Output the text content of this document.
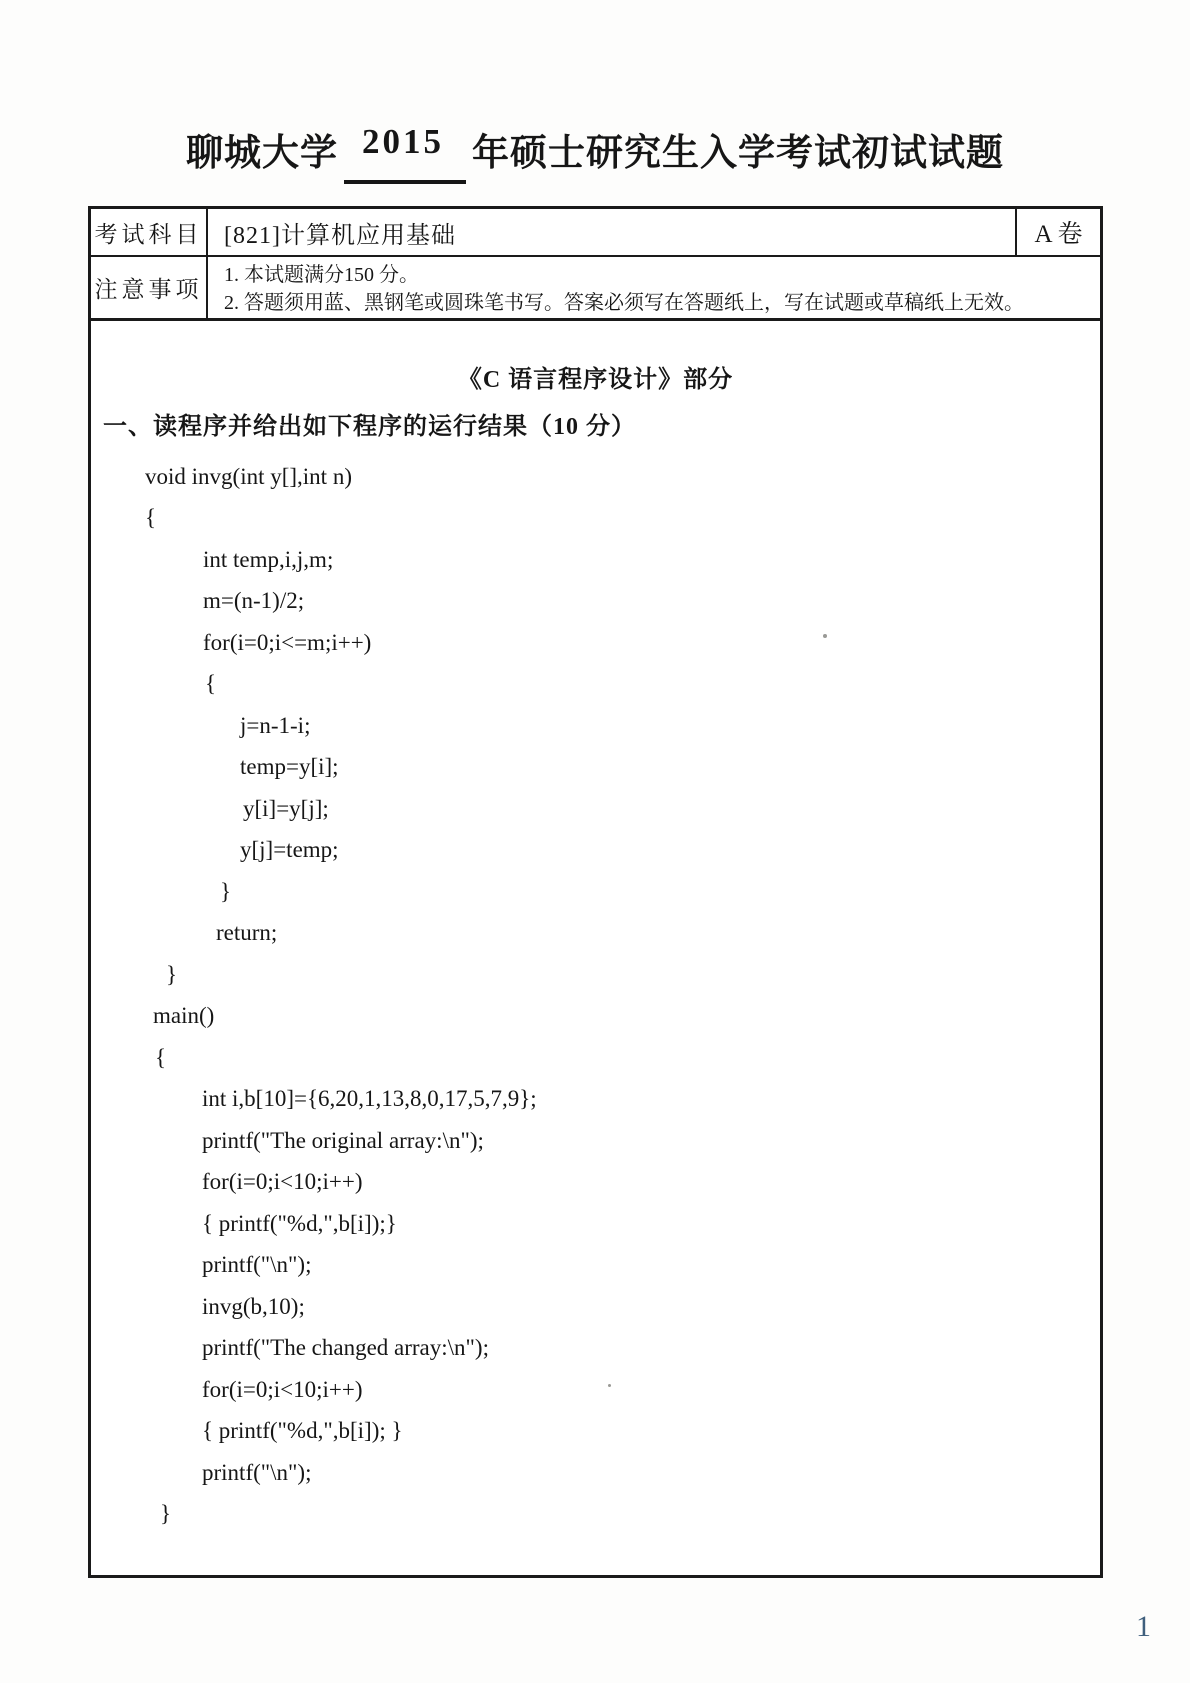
聊城大学 2015 年硕士研究生入学考试初试试题
考试科目 [821]计算机应用基础	A 卷
注意事项
1. 本试题满分150 分。
2. 答题须用蓝、黑钢笔或圆珠笔书写。答案必须写在答题纸上，写在试题或草稿纸上无效。
《C 语言程序设计》部分
一、读程序并给出如下程序的运行结果（10 分）
void invg(int y[],int n)
{
int temp,i,j,m;
m=(n-1)/2;
for(i=0;i<=m;i++)
{
j=n-1-i;
temp=y[i];
y[i]=y[j];
y[j]=temp;
}
return;
}
main()
{
int i,b[10]={6,20,1,13,8,0,17,5,7,9};
printf("The original array:\n");
for(i=0;i<10;i++)
{ printf("%d,",b[i]);}
printf("\n");
invg(b,10);
printf("The changed array:\n");
for(i=0;i<10;i++)
{ printf("%d,",b[i]); }
printf("\n");
}
1
